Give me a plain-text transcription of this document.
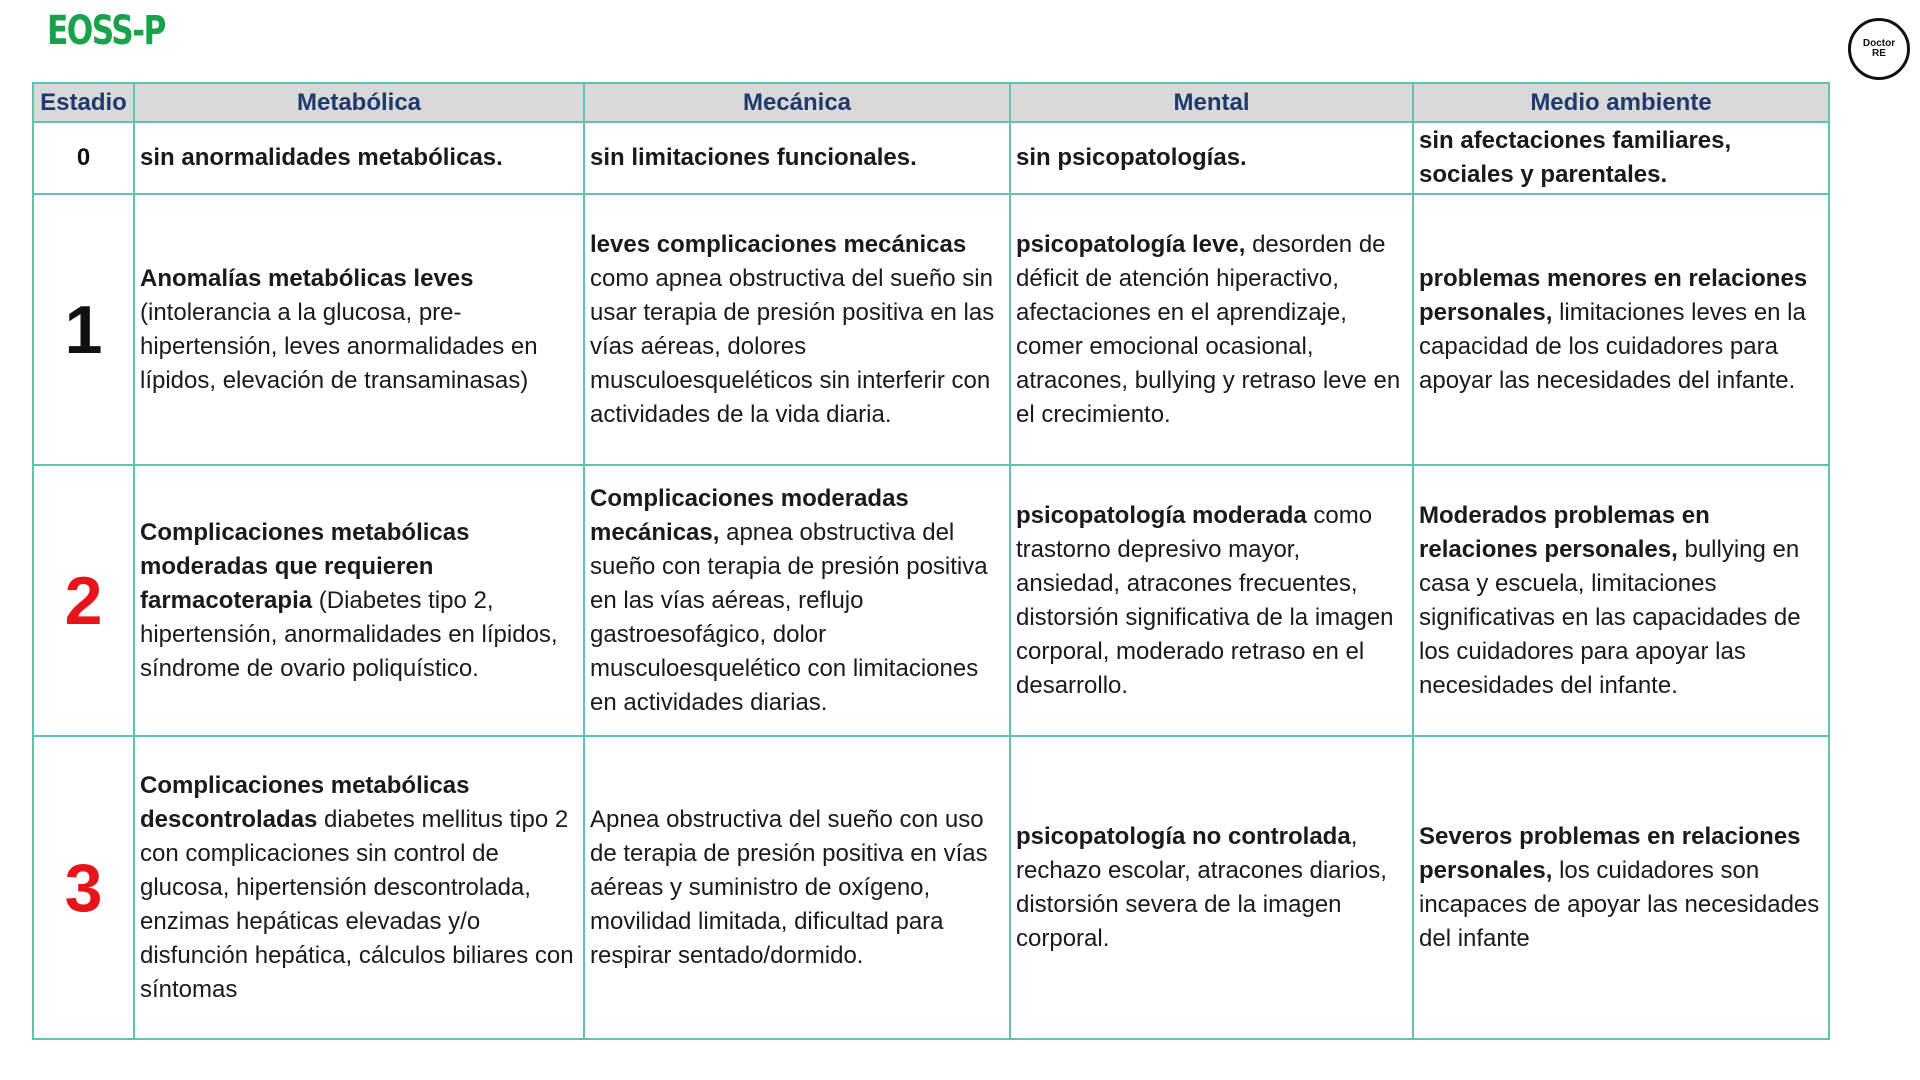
EOSS-P	Doctor
RE
Estadio	Metabólica	Mecánica	Mental	Medio ambiente
0	sin anormalidades metabólicas.	sin limitaciones funcionales.	sin psicopatologías.	sin afectaciones familiares, sociales y parentales.
1	Anomalías metabólicas leves (intolerancia a la glucosa, pre-hipertensión, leves anormalidades en lípidos, elevación de transaminasas)	leves complicaciones mecánicas como apnea obstructiva del sueño sin usar terapia de presión positiva en las vías aéreas, dolores musculoesqueléticos sin interferir con actividades de la vida diaria.	psicopatología leve, desorden de déficit de atención hiperactivo, afectaciones en el aprendizaje, comer emocional ocasional, atracones, bullying y retraso leve en el crecimiento.	problemas menores en relaciones personales, limitaciones leves en la capacidad de los cuidadores para apoyar las necesidades del infante.
2	Complicaciones metabólicas moderadas que requieren farmacoterapia (Diabetes tipo 2, hipertensión, anormalidades en lípidos, síndrome de ovario poliquístico.	Complicaciones moderadas mecánicas, apnea obstructiva del sueño con terapia de presión positiva en las vías aéreas, reflujo gastroesofágico, dolor musculoesquelético con limitaciones en actividades diarias.	psicopatología moderada como trastorno depresivo mayor, ansiedad, atracones frecuentes, distorsión significativa de la imagen corporal, moderado retraso en el desarrollo.	Moderados problemas en relaciones personales, bullying en casa y escuela, limitaciones significativas en las capacidades de los cuidadores para apoyar las necesidades del infante.
3	Complicaciones metabólicas descontroladas diabetes mellitus tipo 2 con complicaciones sin control de glucosa, hipertensión descontrolada, enzimas hepáticas elevadas y/o disfunción hepática, cálculos biliares con síntomas	Apnea obstructiva del sueño con uso de terapia de presión positiva en vías aéreas y suministro de oxígeno, movilidad limitada, dificultad para respirar sentado/dormido.	psicopatología no controlada, rechazo escolar, atracones diarios, distorsión severa de la imagen corporal.	Severos problemas en relaciones personales, los cuidadores son incapaces de apoyar las necesidades del infante
